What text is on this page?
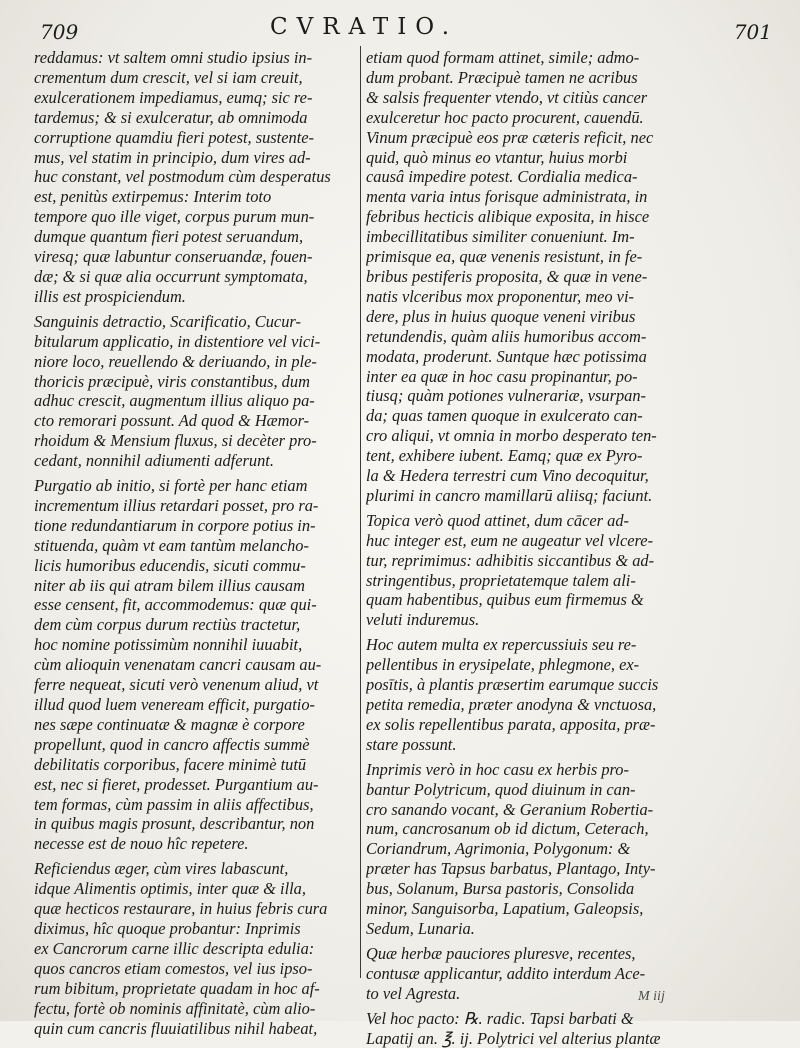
709	CVRATIO.	701
reddamus: vt saltem omni studio ipsius in-
crementum dum crescit, vel si iam creuit,
exulcerationem impediamus, eumq; sic re-
tardemus; & si exulceratur, ab omnimoda
corruptione quamdiu fieri potest, sustente-
mus, vel statim in principio, dum vires ad-
huc constant, vel postmodum cùm desperatus
est, penitùs extirpemus: Interim toto
tempore quo ille viget, corpus purum mun-
dumque quantum fieri potest seruandum,
viresq; quæ labuntur conseruandæ, fouen-
dæ; & si quæ alia occurrunt symptomata,
illis est prospiciendum.
Sanguinis detractio, Scarificatio, Cucur-
bitularum applicatio, in distentiore vel vici-
niore loco, reuellendo & deriuando, in ple-
thoricis præcipuè, viris constantibus, dum
adhuc crescit, augmentum illius aliquo pa-
cto remorari possunt. Ad quod & Hæmor-
rhoidum & Mensium fluxus, si decèter pro-
cedant, nonnihil adiumenti adferunt.
Purgatio ab initio, si fortè per hanc etiam
incrementum illius retardari posset, pro ra-
tione redundantiarum in corpore potius in-
stituenda, quàm vt eam tantùm melancho-
licis humoribus educendis, sicuti commu-
niter ab iis qui atram bilem illius causam
esse censent, fit, accommodemus: quæ qui-
dem cùm corpus durum rectiùs tractetur,
hoc nomine potissimùm nonnihil iuuabit,
cùm alioquin venenatam cancri causam au-
ferre nequeat, sicuti verò venenum aliud, vt
illud quod luem veneream efficit, purgatio-
nes sæpe continuatæ & magnæ è corpore
propellunt, quod in cancro affectis summè
debilitatis corporibus, facere minimè tutū
est, nec si fieret, prodesset. Purgantium au-
tem formas, cùm passim in aliis affectibus,
in quibus magis prosunt, describantur, non
necesse est de nouo hîc repetere.
Reficiendus æger, cùm vires labascunt,
idque Alimentis optimis, inter quæ & illa,
quæ hecticos restaurare, in huius febris cura
diximus, hîc quoque probantur: Inprimis
ex Cancrorum carne illic descripta edulia:
quos cancros etiam comestos, vel ius ipso-
rum bibitum, proprietate quadam in hoc af-
fectu, fortè ob nominis affinitatè, cùm alio-
quin cum cancris fluuiatilibus nihil habeat,
etiam quod formam attinet, simile; admo-
dum probant. Præcipuè tamen ne acribus
& salsis frequenter vtendo, vt citiùs cancer
exulceretur hoc pacto procurent, cauendū.
Vinum præcipuè eos præ cæteris reficit, nec
quid, quò minus eo vtantur, huius morbi
causâ impedire potest. Cordialia medica-
menta varia intus forisque administrata, in
febribus hecticis alibique exposita, in hisce
imbecillitatibus similiter conueniunt. Im-
primisque ea, quæ venenis resistunt, in fe-
bribus pestiferis proposita, & quæ in vene-
natis vlceribus mox proponentur, meo vi-
dere, plus in huius quoque veneni viribus
retundendis, quàm aliis humoribus accom-
modata, proderunt. Suntque hæc potissima
inter ea quæ in hoc casu propinantur, po-
tiusq; quàm potiones vulnerariæ, vsurpan-
da; quas tamen quoque in exulcerato can-
cro aliqui, vt omnia in morbo desperato ten-
tent, exhibere iubent. Eamq; quæ ex Pyro-
la & Hedera terrestri cum Vino decoquitur,
plurimi in cancro mamillarū aliisq; faciunt.
Topica verò quod attinet, dum cācer ad-
huc integer est, eum ne augeatur vel vlcere-
tur, reprimimus: adhibitis siccantibus & ad-
stringentibus, proprietatemque talem ali-
quam habentibus, quibus eum firmemus &
veluti induremus.
Hoc autem multa ex repercussiuis seu re-
pellentibus in erysipelate, phlegmone, ex-
posītis, à plantis præsertim earumque succis
petita remedia, præter anodyna & vnctuosa,
ex solis repellentibus parata, apposita, præ-
stare possunt.
Inprimis verò in hoc casu ex herbis pro-
bantur Polytricum, quod diuinum in can-
cro sanando vocant, & Geranium Robertia-
num, cancrosanum ob id dictum, Ceterach,
Coriandrum, Agrimonia, Polygonum: &
præter has Tapsus barbatus, Plantago, Inty-
bus, Solanum, Bursa pastoris, Consolida
minor, Sanguisorba, Lapatium, Galeopsis,
Sedum, Lunaria.
Quæ herbæ pauciores pluresve, recentes,
contusæ applicantur, addito interdum Ace-
to vel Agresta.
Vel hoc pacto: ℞. radic. Tapsi barbati &
Lapatij an. ℥. ij. Polytrici vel alterius plantæ
M iij
